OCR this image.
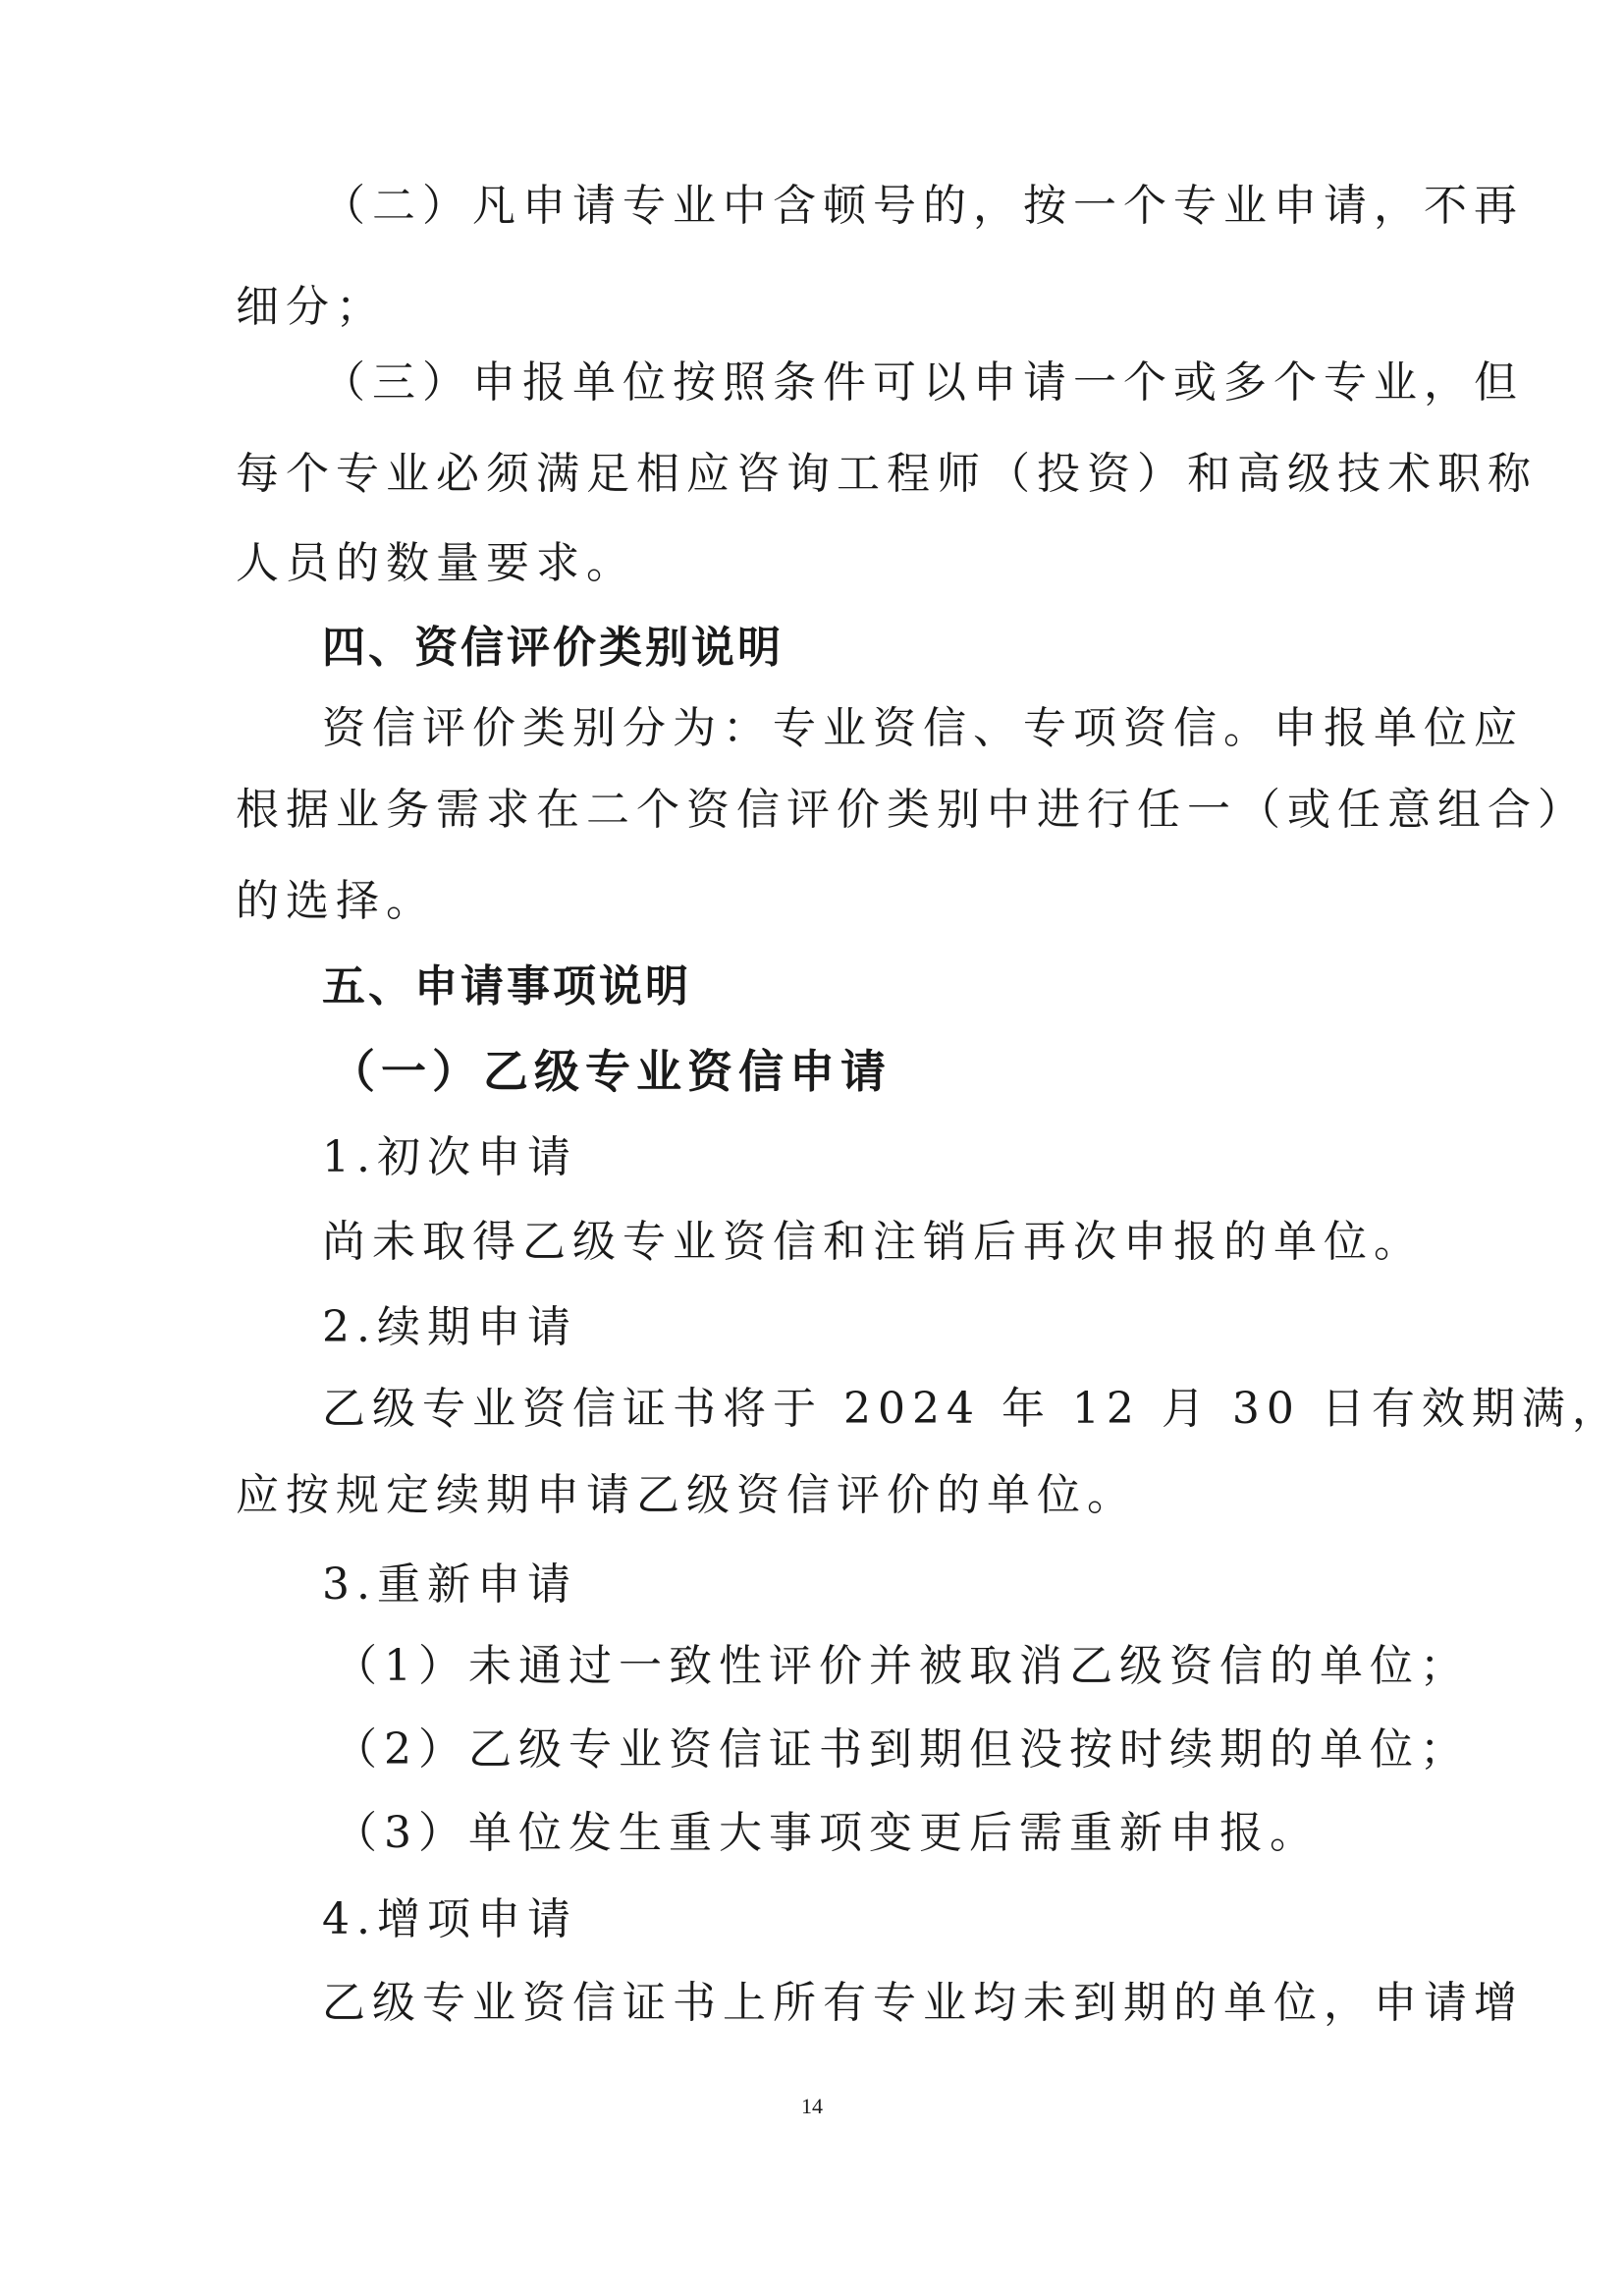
（二）凡申请专业中含顿号的，按一个专业申请，不再

细分；

（三）申报单位按照条件可以申请一个或多个专业，但

每个专业必须满足相应咨询工程师（投资）和高级技术职称

人员的数量要求。

四、资信评价类别说明

资信评价类别分为：专业资信、专项资信。申报单位应

根据业务需求在二个资信评价类别中进行任一（或任意组合）

的选择。

五、申请事项说明

（一）乙级专业资信申请

1.初次申请

尚未取得乙级专业资信和注销后再次申报的单位。

2.续期申请

乙级专业资信证书将于 2024 年 12 月 30 日有效期满，

应按规定续期申请乙级资信评价的单位。

3.重新申请

（1）未通过一致性评价并被取消乙级资信的单位；

（2）乙级专业资信证书到期但没按时续期的单位；

（3）单位发生重大事项变更后需重新申报。

4.增项申请

乙级专业资信证书上所有专业均未到期的单位，申请增

14
